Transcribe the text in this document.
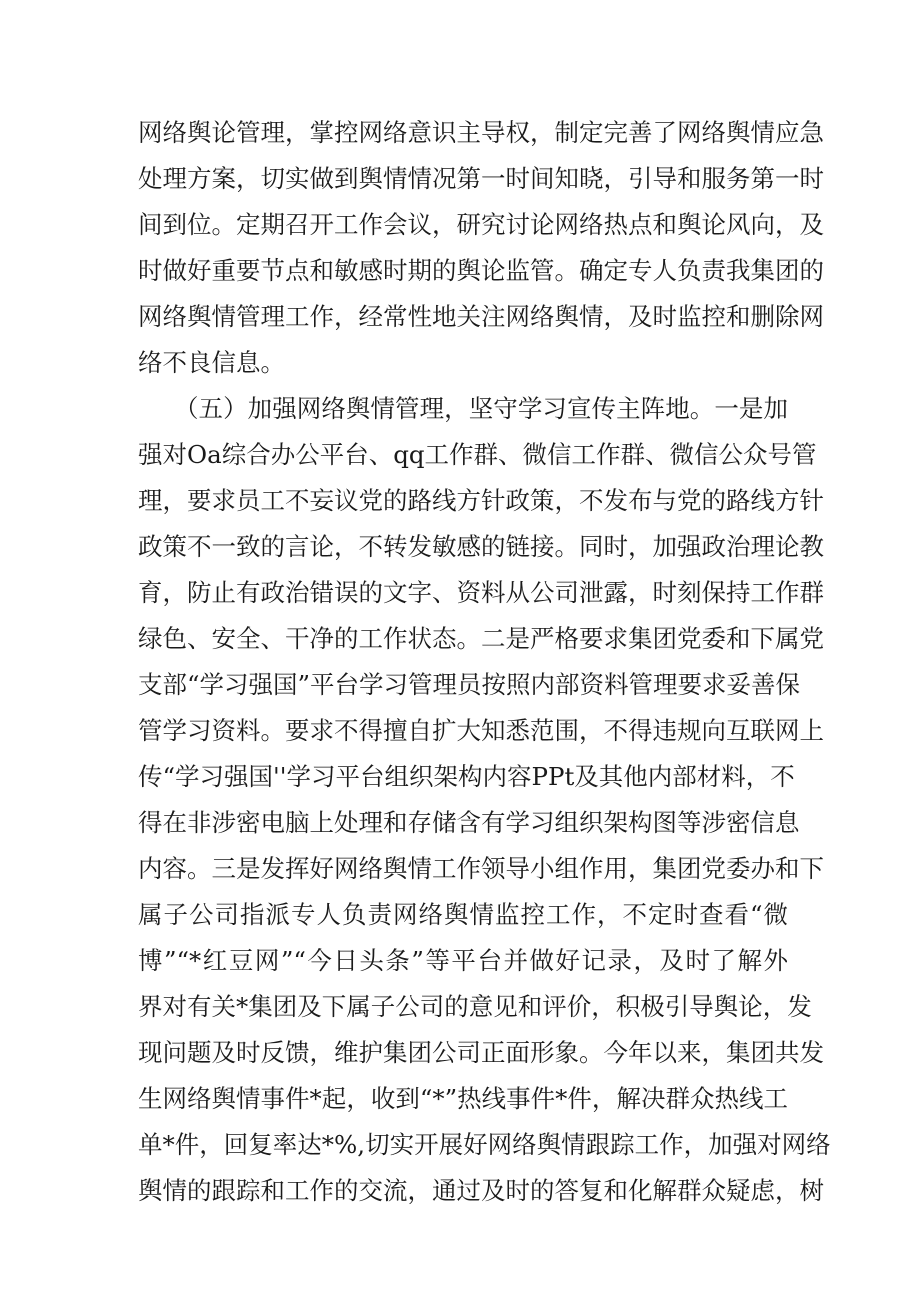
网络舆论管理，掌控网络意识主导权，制定完善了网络舆情应急
处理方案，切实做到舆情情况第一时间知晓，引导和服务第一时
间到位。定期召开工作会议，研究讨论网络热点和舆论风向，及
时做好重要节点和敏感时期的舆论监管。确定专人负责我集团的
网络舆情管理工作，经常性地关注网络舆情，及时监控和删除网
络不良信息。
（五）加强网络舆情管理，坚守学习宣传主阵地。一是加
强对Oa综合办公平台、qq工作群、微信工作群、微信公众号管
理，要求员工不妄议党的路线方针政策，不发布与党的路线方针
政策不一致的言论，不转发敏感的链接。同时，加强政治理论教
育，防止有政治错误的文字、资料从公司泄露，时刻保持工作群
绿色、安全、干净的工作状态。二是严格要求集团党委和下属党
支部“学习强国”平台学习管理员按照内部资料管理要求妥善保
管学习资料。要求不得擅自扩大知悉范围，不得违规向互联网上
传“学习强国''学习平台组织架构内容PPt及其他内部材料，不
得在非涉密电脑上处理和存储含有学习组织架构图等涉密信息
内容。三是发挥好网络舆情工作领导小组作用，集团党委办和下
属子公司指派专人负责网络舆情监控工作，不定时查看“微
博”“*红豆网”“今日头条”等平台并做好记录，及时了解外
界对有关*集团及下属子公司的意见和评价，积极引导舆论，发
现问题及时反馈，维护集团公司正面形象。今年以来，集团共发
生网络舆情事件*起，收到“*”热线事件*件，解决群众热线工
单*件，回复率达*%,切实开展好网络舆情跟踪工作，加强对网络
舆情的跟踪和工作的交流，通过及时的答复和化解群众疑虑，树
